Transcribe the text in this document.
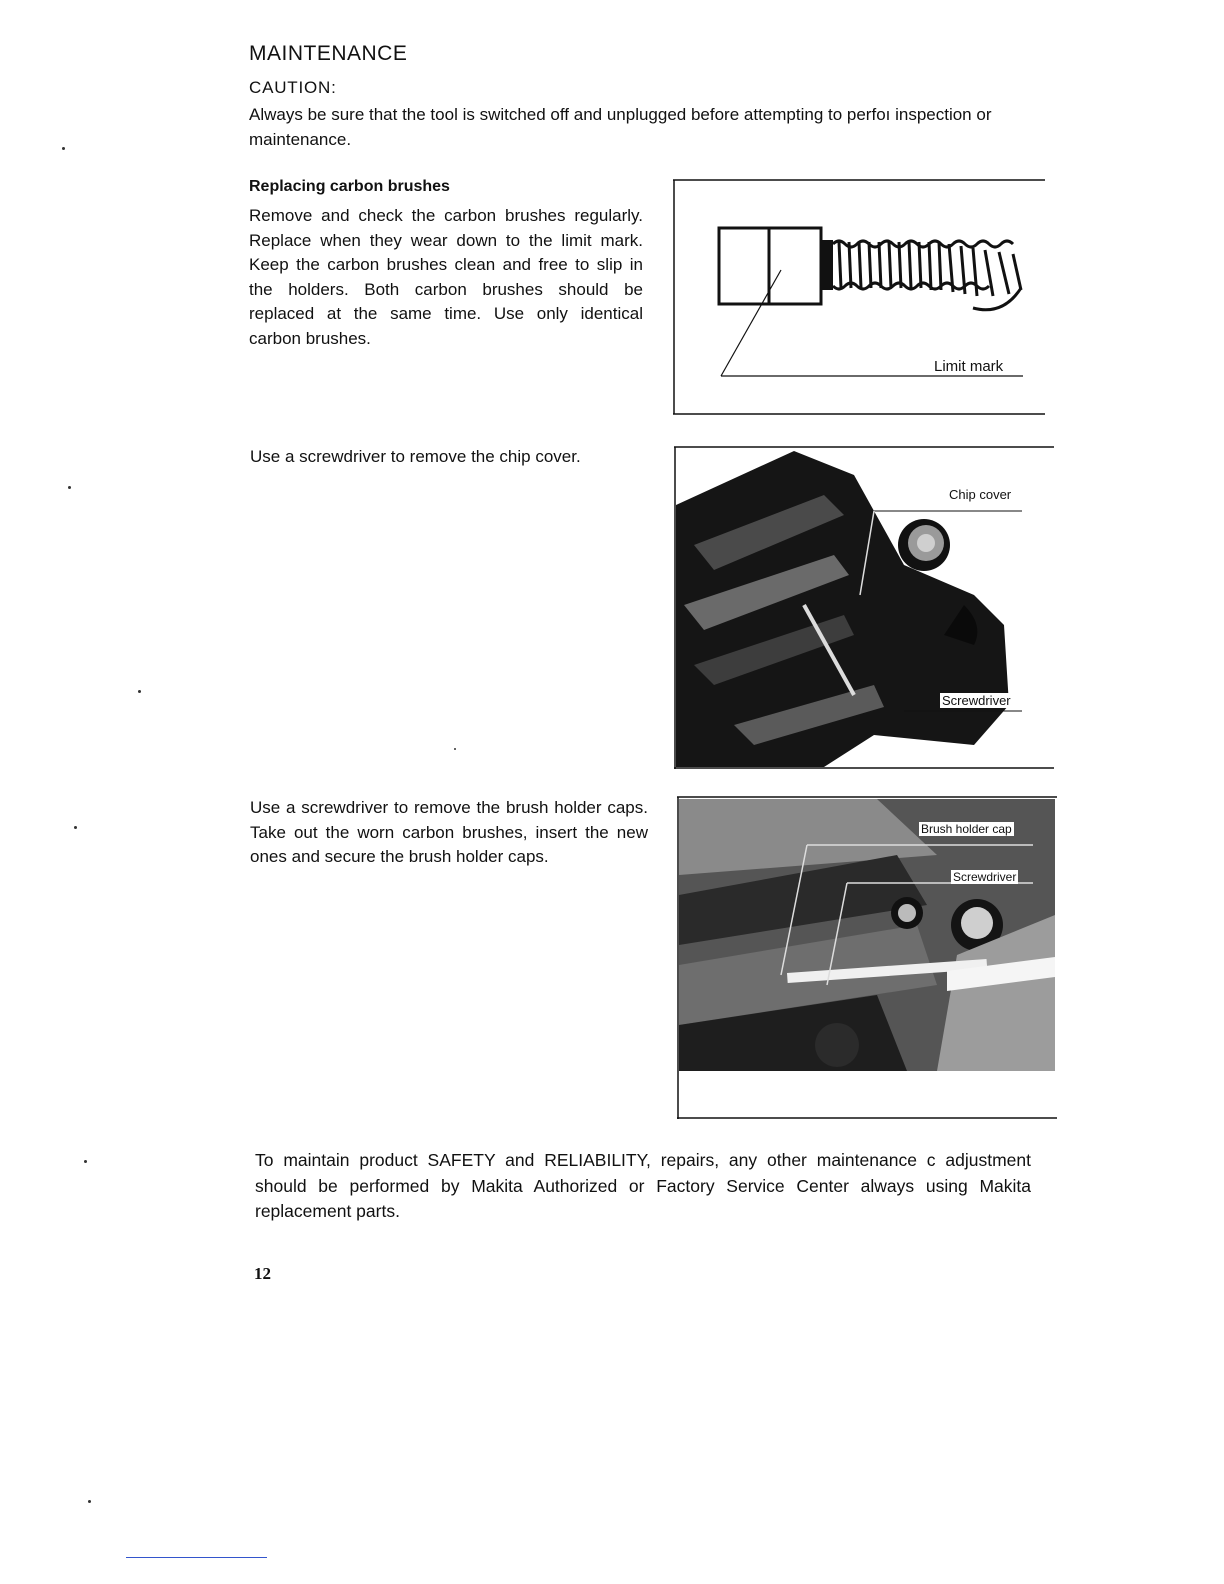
MAINTENANCE
CAUTION:
Always be sure that the tool is switched off and unplugged before attempting to perfoı inspection or maintenance.
Replacing carbon brushes
Remove and check the carbon brushes regularly. Replace when they wear down to the limit mark. Keep the carbon brushes clean and free to slip in the holders. Both carbon brushes should be replaced at the same time. Use only identical carbon brushes.
Use a screwdriver to remove the chip cover.
Use a screwdriver to remove the brush holder caps. Take out the worn carbon brushes, insert the new ones and secure the brush holder caps.
To maintain product SAFETY and RELIABILITY, repairs, any other maintenance c adjustment should be performed by Makita Authorized or Factory Service Center always using Makita replacement parts.
12
Limit mark
Chip cover
Screwdriver
Brush holder cap
Screwdriver
